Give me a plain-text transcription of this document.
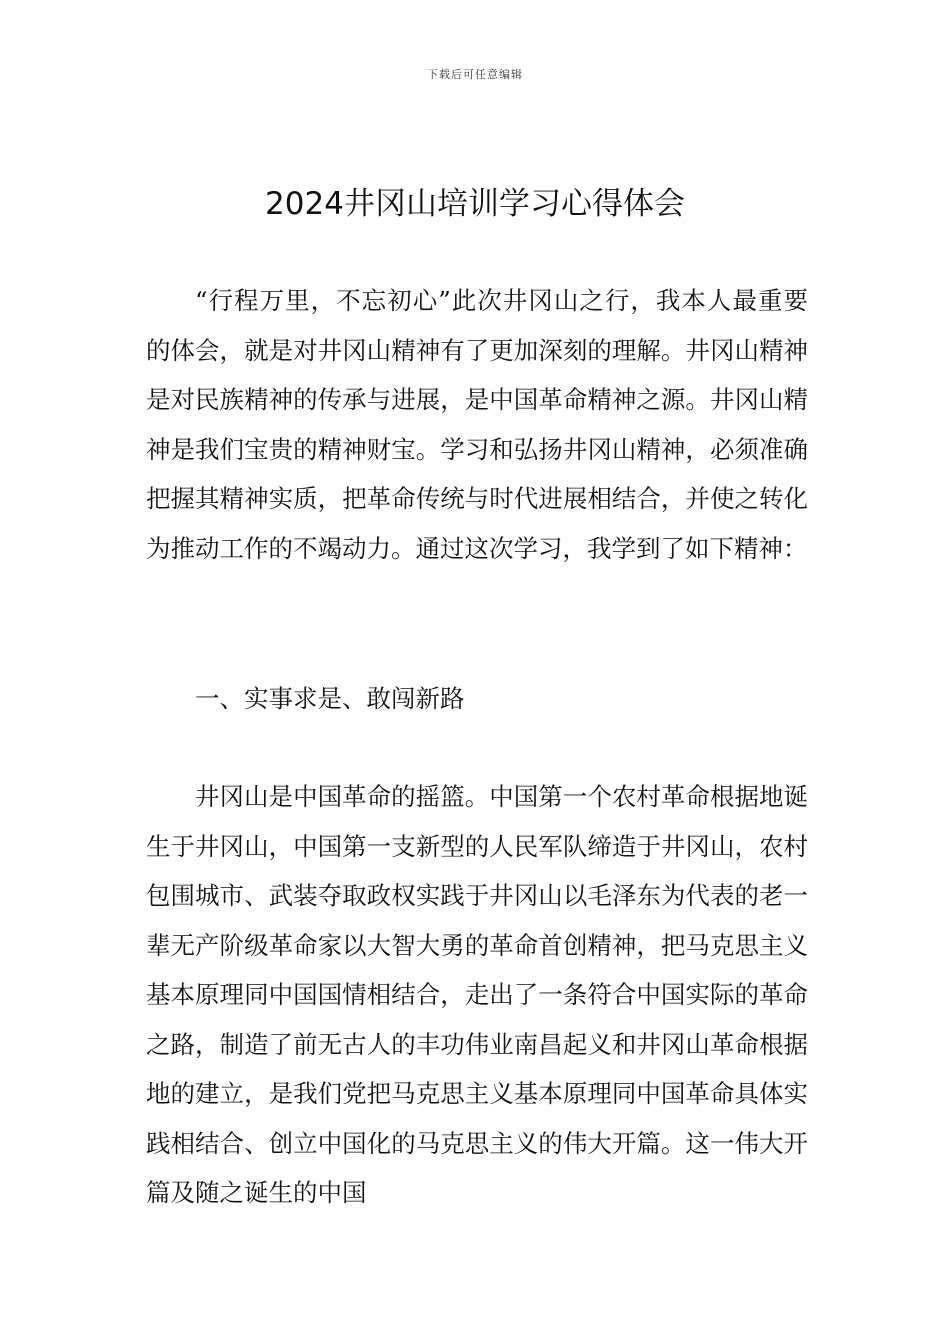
下载后可任意编辑
2024井冈山培训学习心得体会

“行程万里，不忘初心”此次井冈山之行，我本人最重要的体会，就是对井冈山精神有了更加深刻的理解。井冈山精神是对民族精神的传承与进展，是中国革命精神之源。井冈山精神是我们宝贵的精神财宝。学习和弘扬井冈山精神，必须准确把握其精神实质，把革命传统与时代进展相结合，并使之转化为推动工作的不竭动力。通过这次学习，我学到了如下精神：

一、实事求是、敢闯新路

井冈山是中国革命的摇篮。中国第一个农村革命根据地诞生于井冈山，中国第一支新型的人民军队缔造于井冈山，农村包围城市、武装夺取政权实践于井冈山以毛泽东为代表的老一辈无产阶级革命家以大智大勇的革命首创精神，把马克思主义基本原理同中国国情相结合，走出了一条符合中国实际的革命之路，制造了前无古人的丰功伟业南昌起义和井冈山革命根据地的建立，是我们党把马克思主义基本原理同中国革命具体实践相结合、创立中国化的马克思主义的伟大开篇。这一伟大开篇及随之诞生的中国
